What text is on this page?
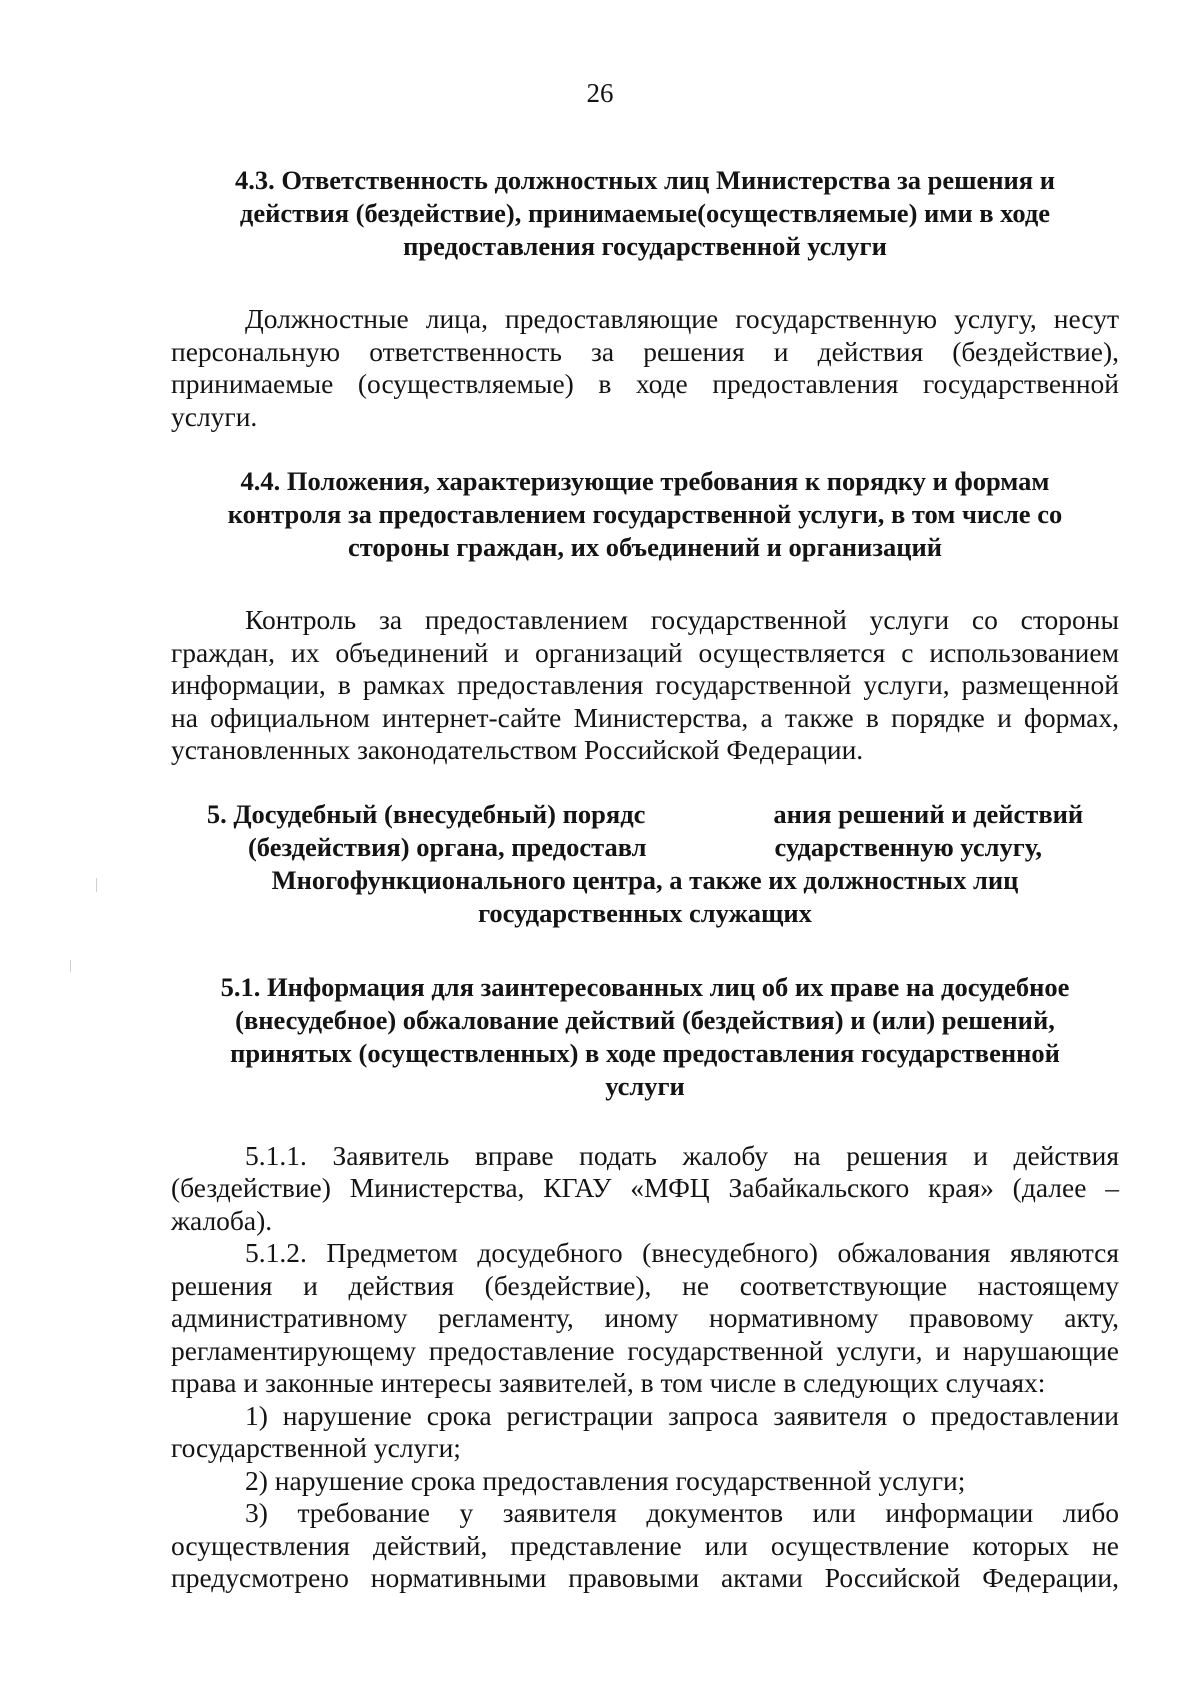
26
4.3. Ответственность должностных лиц Министерства за решения и
действия (бездействие), принимаемые(осуществляемые) ими в ходе
предоставления государственной услуги

Должностные лица, предоставляющие государственную услугу, несут
персональную ответственность за решения и действия (бездействие),
принимаемые (осуществляемые) в ходе предоставления государственной
услуги.

4.4. Положения, характеризующие требования к порядку и формам
контроля за предоставлением государственной услуги, в том числе со
стороны граждан, их объединений и организаций

Контроль за предоставлением государственной услуги со стороны
граждан, их объединений и организаций осуществляется с использованием
информации, в рамках предоставления государственной услуги, размещенной
на официальном интернет-сайте Министерства, а также в порядке и формах,
установленных законодательством Российской Федерации.

5. Досудебный (внесудебный) порядс	ания решений и действий
(бездействия) органа, предоставл	сударственную услугу,
Многофункционального центра, а также их должностных лиц
государственных служащих
5.1. Информация для заинтересованных лиц об их праве на досудебное
(внесудебное) обжалование действий (бездействия) и (или) решений,
принятых (осуществленных) в ходе предоставления государственной
услуги

5.1.1. Заявитель вправе подать жалобу на решения и действия
(бездействие) Министерства, КГАУ «МФЦ Забайкальского края» (далее –
жалоба).

5.1.2. Предметом досудебного (внесудебного) обжалования являются
решения и действия (бездействие), не соответствующие настоящему
административному регламенту, иному нормативному правовому акту,
регламентирующему предоставление государственной услуги, и нарушающие
права и законные интересы заявителей, в том числе в следующих случаях:

1) нарушение срока регистрации запроса заявителя о предоставлении
государственной услуги;

2) нарушение срока предоставления государственной услуги;

3) требование у заявителя документов или информации либо
осуществления действий, представление или осуществление которых не
предусмотрено нормативными правовыми актами Российской Федерации,
